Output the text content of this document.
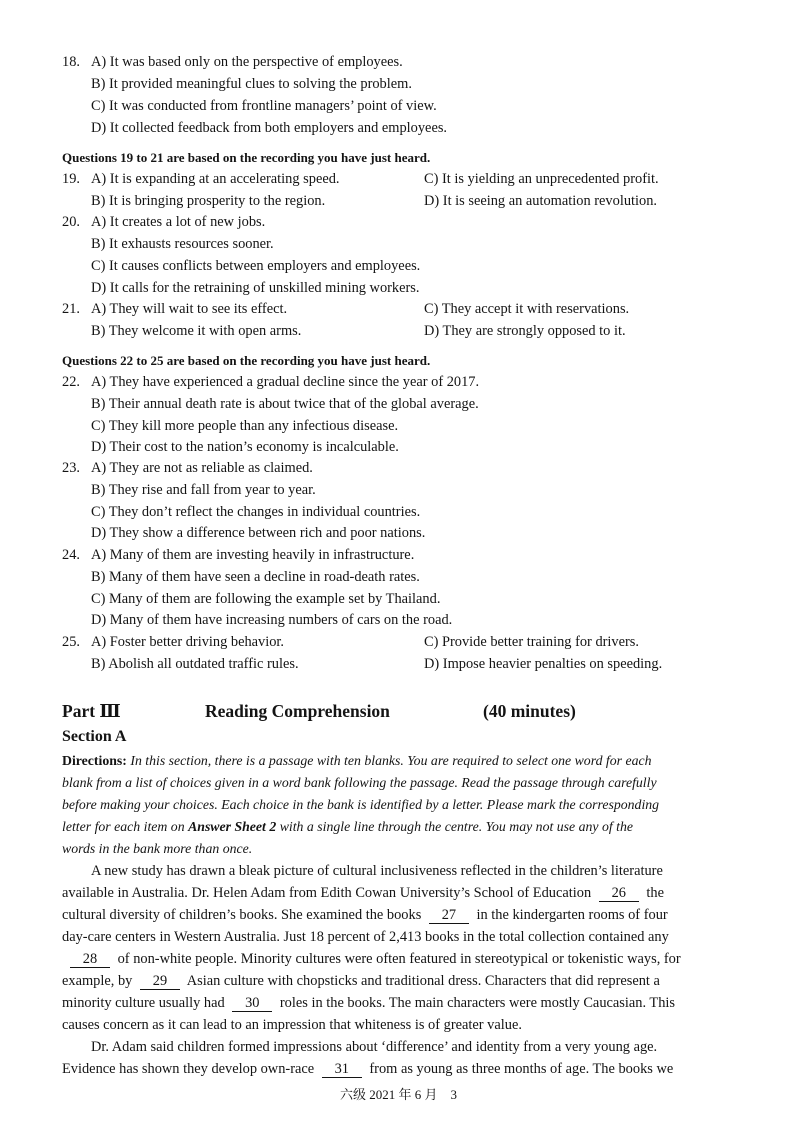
18. A) It was based only on the perspective of employees.
B) It provided meaningful clues to solving the problem.
C) It was conducted from frontline managers’ point of view.
D) It collected feedback from both employers and employees.
Questions 19 to 21 are based on the recording you have just heard.
19. A) It is expanding at an accelerating speed.	C) It is yielding an unprecedented profit.
B) It is bringing prosperity to the region.	D) It is seeing an automation revolution.
20. A) It creates a lot of new jobs.
B) It exhausts resources sooner.
C) It causes conflicts between employers and employees.
D) It calls for the retraining of unskilled mining workers.
21. A) They will wait to see its effect.	C) They accept it with reservations.
B) They welcome it with open arms.	D) They are strongly opposed to it.
Questions 22 to 25 are based on the recording you have just heard.
22. A) They have experienced a gradual decline since the year of 2017.
B) Their annual death rate is about twice that of the global average.
C) They kill more people than any infectious disease.
D) Their cost to the nation’s economy is incalculable.
23. A) They are not as reliable as claimed.
B) They rise and fall from year to year.
C) They don’t reflect the changes in individual countries.
D) They show a difference between rich and poor nations.
24. A) Many of them are investing heavily in infrastructure.
B) Many of them have seen a decline in road-death rates.
C) Many of them are following the example set by Thailand.
D) Many of them have increasing numbers of cars on the road.
25. A) Foster better driving behavior.	C) Provide better training for drivers.
B) Abolish all outdated traffic rules.	D) Impose heavier penalties on speeding.
Part Ⅲ	Reading Comprehension	(40 minutes)
Section A
Directions: In this section, there is a passage with ten blanks. You are required to select one word for each
blank from a list of choices given in a word bank following the passage. Read the passage through carefully
before making your choices. Each choice in the bank is identified by a letter. Please mark the corresponding
letter for each item on Answer Sheet 2 with a single line through the centre. You may not use any of the
words in the bank more than once.
A new study has drawn a bleak picture of cultural inclusiveness reflected in the children’s literature
available in Australia. Dr. Helen Adam from Edith Cowan University’s School of Education 26 the
cultural diversity of children’s books. She examined the books 27 in the kindergarten rooms of four
day-care centers in Western Australia. Just 18 percent of 2,413 books in the total collection contained any
28 of non-white people. Minority cultures were often featured in stereotypical or tokenistic ways, for
example, by 29 Asian culture with chopsticks and traditional dress. Characters that did represent a
minority culture usually had 30 roles in the books. The main characters were mostly Caucasian. This
causes concern as it can lead to an impression that whiteness is of greater value.
Dr. Adam said children formed impressions about ‘difference’ and identity from a very young age.
Evidence has shown they develop own-race 31 from as young as three months of age. The books we
六级 2021 年 6 月　3
